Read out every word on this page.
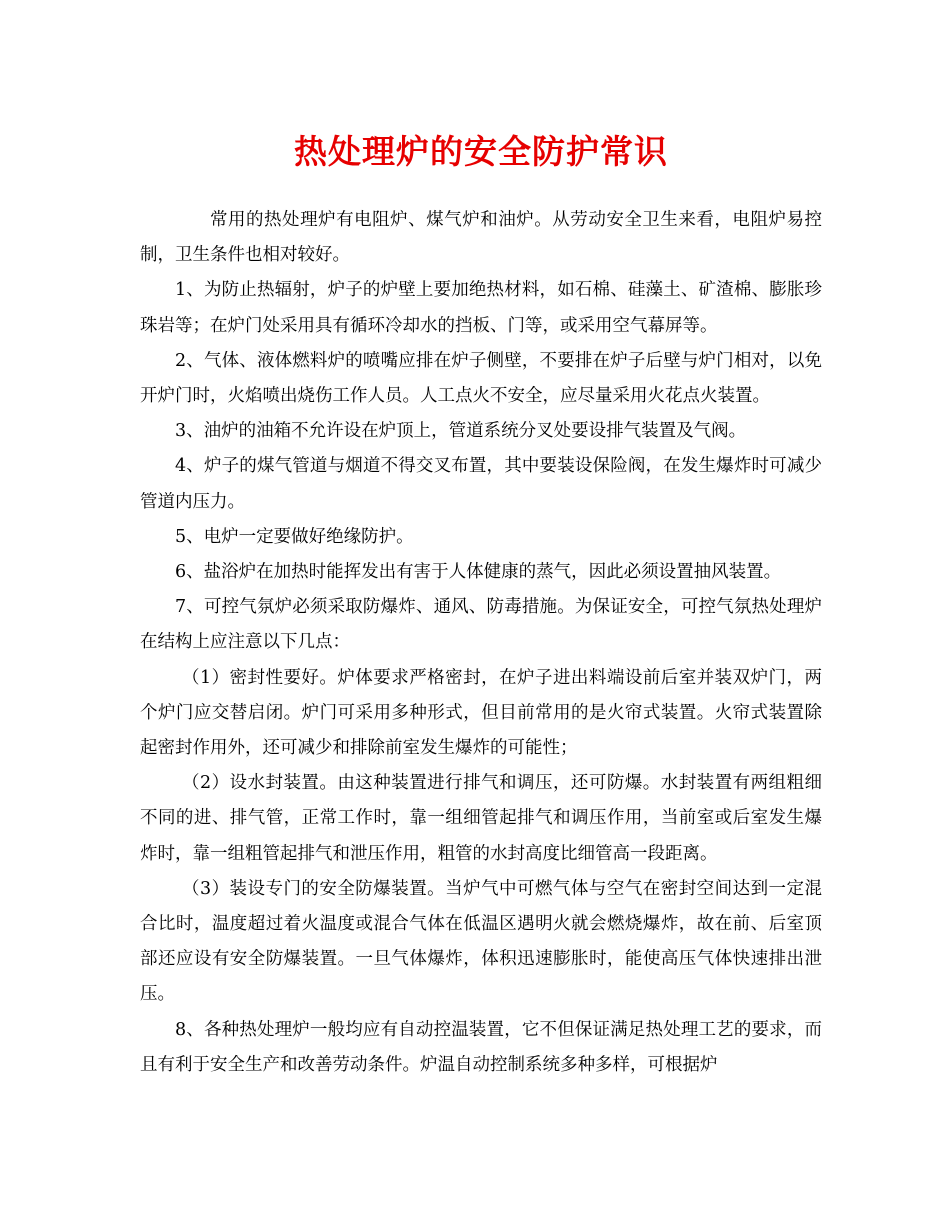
热处理炉的安全防护常识

常用的热处理炉有电阻炉、煤气炉和油炉。从劳动安全卫生来看，电阻炉易控制，卫生条件也相对较好。

1、为防止热辐射，炉子的炉壁上要加绝热材料，如石棉、硅藻土、矿渣棉、膨胀珍珠岩等；在炉门处采用具有循环冷却水的挡板、门等，或采用空气幕屏等。

2、气体、液体燃料炉的喷嘴应排在炉子侧壁，不要排在炉子后壁与炉门相对，以免开炉门时，火焰喷出烧伤工作人员。人工点火不安全，应尽量采用火花点火装置。

3、油炉的油箱不允许设在炉顶上，管道系统分叉处要设排气装置及气阀。

4、炉子的煤气管道与烟道不得交叉布置，其中要装设保险阀，在发生爆炸时可减少管道内压力。

5、电炉一定要做好绝缘防护。

6、盐浴炉在加热时能挥发出有害于人体健康的蒸气，因此必须设置抽风装置。

7、可控气氛炉必须采取防爆炸、通风、防毒措施。为保证安全，可控气氛热处理炉在结构上应注意以下几点：

（1）密封性要好。炉体要求严格密封，在炉子进出料端设前后室并装双炉门，两个炉门应交替启闭。炉门可采用多种形式，但目前常用的是火帘式装置。火帘式装置除起密封作用外，还可减少和排除前室发生爆炸的可能性；

（2）设水封装置。由这种装置进行排气和调压，还可防爆。水封装置有两组粗细不同的进、排气管，正常工作时，靠一组细管起排气和调压作用，当前室或后室发生爆炸时，靠一组粗管起排气和泄压作用，粗管的水封高度比细管高一段距离。

（3）装设专门的安全防爆装置。当炉气中可燃气体与空气在密封空间达到一定混合比时，温度超过着火温度或混合气体在低温区遇明火就会燃烧爆炸，故在前、后室顶部还应设有安全防爆装置。一旦气体爆炸，体积迅速膨胀时，能使高压气体快速排出泄压。

8、各种热处理炉一般均应有自动控温装置，它不但保证满足热处理工艺的要求，而且有利于安全生产和改善劳动条件。炉温自动控制系统多种多样，可根据炉
